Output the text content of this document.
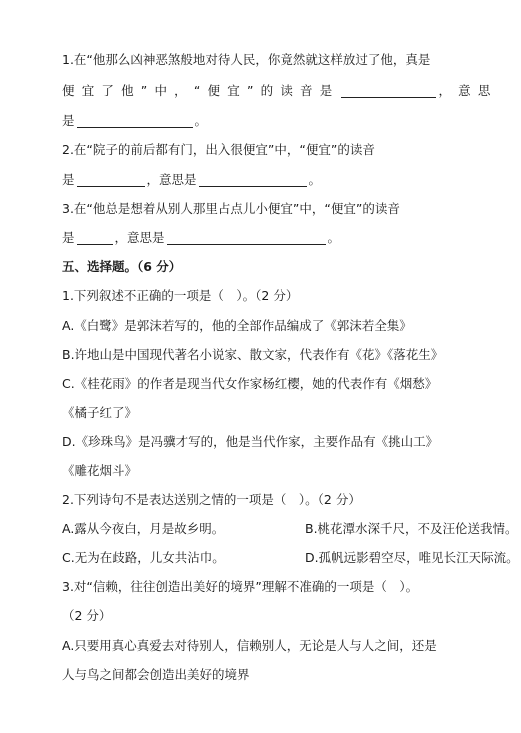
1.在“他那么凶神恶煞般地对待人民，你竟然就这样放过了他，真是
便宜了他”中，“便宜”的读音是	，意思
是	。
2.在“院子的前后都有门，出入很便宜”中，“便宜”的读音
是	，意思是	。
3.在“他总是想着从别人那里占点儿小便宜”中，“便宜”的读音
是	，意思是	。
五、选择题。（6 分）
1.下列叙述不正确的一项是（　）。（2 分）
A.《白鹭》是郭沫若写的，他的全部作品编成了《郭沫若全集》
B.许地山是中国现代著名小说家、散文家，代表作有《花》《落花生》
C.《桂花雨》的作者是现当代女作家杨红樱，她的代表作有《烟愁》
《橘子红了》
D.《珍珠鸟》是冯骥才写的，他是当代作家，主要作品有《挑山工》
《雕花烟斗》
2.下列诗句不是表达送别之情的一项是（　）。（2 分）
A.露从今夜白，月是故乡明。	B.桃花潭水深千尺，不及汪伦送我情。
C.无为在歧路，儿女共沾巾。	D.孤帆远影碧空尽，唯见长江天际流。
3.对“信赖，往往创造出美好的境界”理解不准确的一项是（　）。
（2 分）
A.只要用真心真爱去对待别人，信赖别人，无论是人与人之间，还是
人与鸟之间都会创造出美好的境界
